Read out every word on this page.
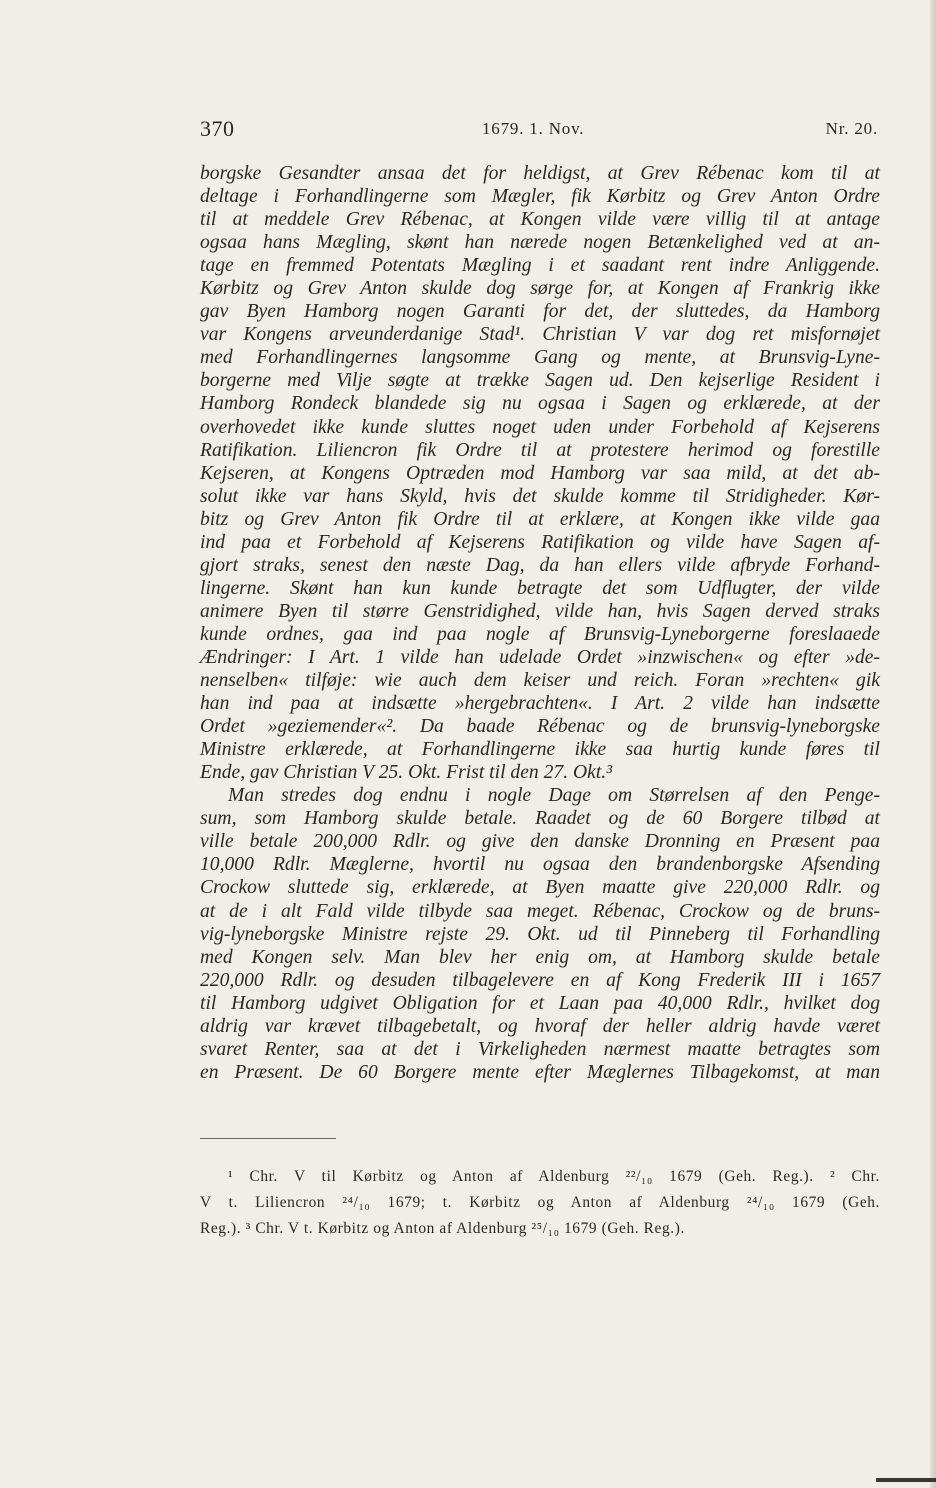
370	1679. 1. Nov.	Nr. 20.
borgske Gesandter ansaa det for heldigst, at Grev Rébenac kom til at
deltage i Forhandlingerne som Mægler, fik Kørbitz og Grev Anton Ordre
til at meddele Grev Rébenac, at Kongen vilde være villig til at antage
ogsaa hans Mægling, skønt han nærede nogen Betænkelighed ved at an-
tage en fremmed Potentats Mægling i et saadant rent indre Anliggende.
Kørbitz og Grev Anton skulde dog sørge for, at Kongen af Frankrig ikke
gav Byen Hamborg nogen Garanti for det, der sluttedes, da Hamborg
var Kongens arveunderdanige Stad¹. Christian V var dog ret misfornøjet
med Forhandlingernes langsomme Gang og mente, at Brunsvig-Lyne-
borgerne med Vilje søgte at trække Sagen ud. Den kejserlige Resident i
Hamborg Rondeck blandede sig nu ogsaa i Sagen og erklærede, at der
overhovedet ikke kunde sluttes noget uden under Forbehold af Kejserens
Ratifikation. Liliencron fik Ordre til at protestere herimod og forestille
Kejseren, at Kongens Optræden mod Hamborg var saa mild, at det ab-
solut ikke var hans Skyld, hvis det skulde komme til Stridigheder. Kør-
bitz og Grev Anton fik Ordre til at erklære, at Kongen ikke vilde gaa
ind paa et Forbehold af Kejserens Ratifikation og vilde have Sagen af-
gjort straks, senest den næste Dag, da han ellers vilde afbryde Forhand-
lingerne. Skønt han kun kunde betragte det som Udflugter, der vilde
animere Byen til større Genstridighed, vilde han, hvis Sagen derved straks
kunde ordnes, gaa ind paa nogle af Brunsvig-Lyneborgerne foreslaaede
Ændringer: I Art. 1 vilde han udelade Ordet »inzwischen« og efter »de-
nenselben« tilføje: wie auch dem keiser und reich. Foran »rechten« gik
han ind paa at indsætte »hergebrachten«. I Art. 2 vilde han indsætte
Ordet »geziemender«². Da baade Rébenac og de brunsvig-lyneborgske
Ministre erklærede, at Forhandlingerne ikke saa hurtig kunde føres til
Ende, gav Christian V 25. Okt. Frist til den 27. Okt.³
Man stredes dog endnu i nogle Dage om Størrelsen af den Penge-
sum, som Hamborg skulde betale. Raadet og de 60 Borgere tilbød at
ville betale 200,000 Rdlr. og give den danske Dronning en Præsent paa
10,000 Rdlr. Mæglerne, hvortil nu ogsaa den brandenborgske Afsending
Crockow sluttede sig, erklærede, at Byen maatte give 220,000 Rdlr. og
at de i alt Fald vilde tilbyde saa meget. Rébenac, Crockow og de bruns-
vig-lyneborgske Ministre rejste 29. Okt. ud til Pinneberg til Forhandling
med Kongen selv. Man blev her enig om, at Hamborg skulde betale
220,000 Rdlr. og desuden tilbagelevere en af Kong Frederik III i 1657
til Hamborg udgivet Obligation for et Laan paa 40,000 Rdlr., hvilket dog
aldrig var krævet tilbagebetalt, og hvoraf der heller aldrig havde været
svaret Renter, saa at det i Virkeligheden nærmest maatte betragtes som
en Præsent. De 60 Borgere mente efter Mæglernes Tilbagekomst, at man
¹ Chr. V til Kørbitz og Anton af Aldenburg ²²/₁₀ 1679 (Geh. Reg.). ² Chr.
V t. Liliencron ²⁴/₁₀ 1679; t. Kørbitz og Anton af Aldenburg ²⁴/₁₀ 1679 (Geh.
Reg.). ³ Chr. V t. Kørbitz og Anton af Aldenburg ²⁵/₁₀ 1679 (Geh. Reg.).
